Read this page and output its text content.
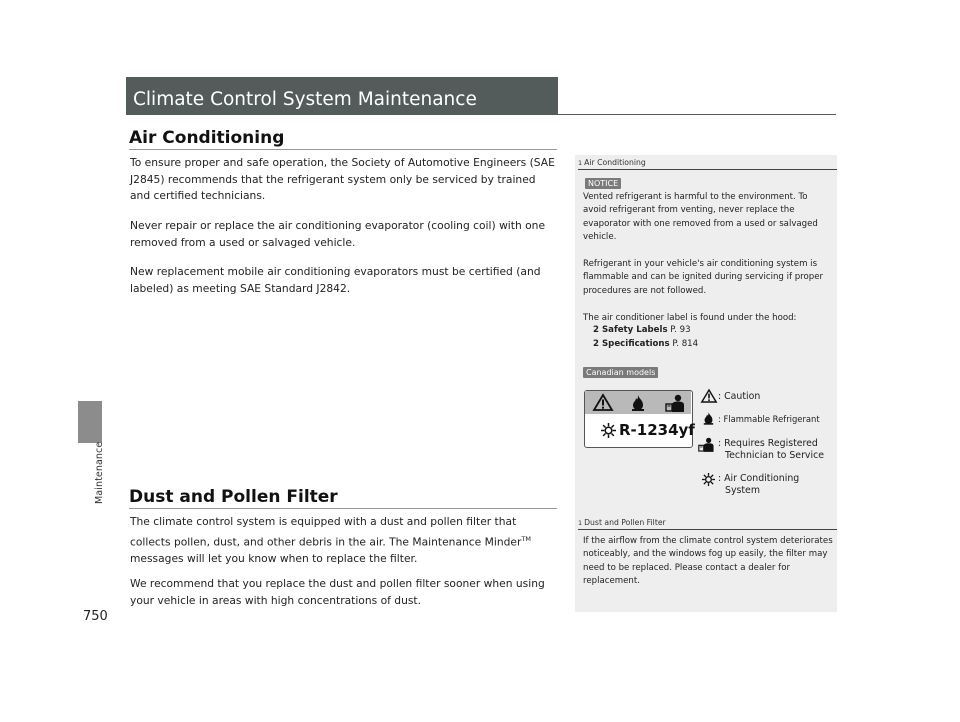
Maintenance
750
Climate Control System Maintenance
Air Conditioning

To ensure proper and safe operation, the Society of Automotive Engineers (SAE J2845) recommends that the refrigerant system only be serviced by trained and certified technicians.

Never repair or replace the air conditioning evaporator (cooling coil) with one removed from a used or salvaged vehicle.

New replacement mobile air conditioning evaporators must be certified (and labeled) as meeting SAE Standard J2842.

Dust and Pollen Filter

The climate control system is equipped with a dust and pollen filter that collects pollen, dust, and other debris in the air. The Maintenance Minder™ messages will let you know when to replace the filter.

We recommend that you replace the dust and pollen filter sooner when using your vehicle in areas with high concentrations of dust.

1 Air Conditioning
NOTICE

Vented refrigerant is harmful to the environment. To avoid refrigerant from venting, never replace the evaporator with one removed from a used or salvaged vehicle.

Refrigerant in your vehicle's air conditioning system is flammable and can be ignited during servicing if proper procedures are not followed.

The air conditioner label is found under the hood:

2 Safety Labels P. 93
2 Specifications P. 814
Canadian models
R-1234yf
: Caution
: Flammable Refrigerant
: Requires Registered
Technician to Service
: Air Conditioning
System
1 Dust and Pollen Filter

If the airflow from the climate control system deteriorates noticeably, and the windows fog up easily, the filter may need to be replaced. Please contact a dealer for replacement.
